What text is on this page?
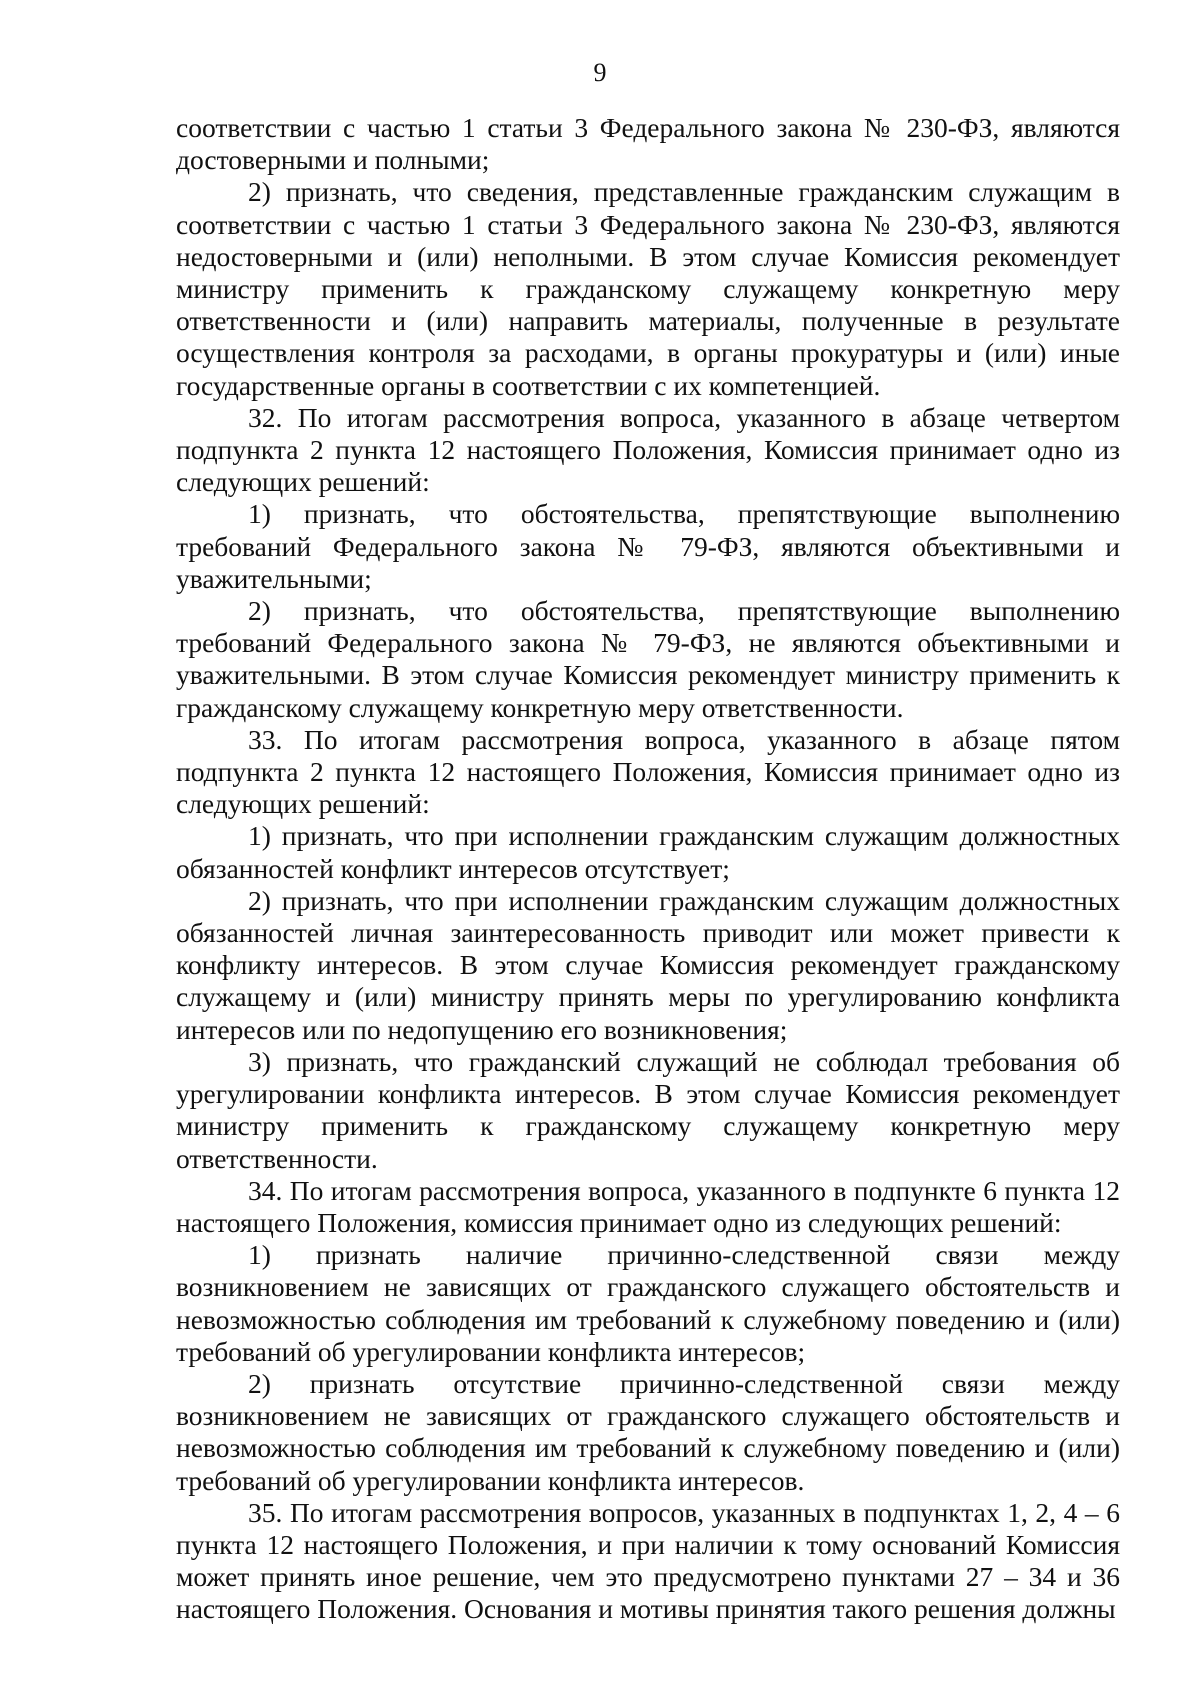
9

соответствии с частью 1 статьи 3 Федерального закона № 230-ФЗ, являются достоверными и полными;

2) признать, что сведения, представленные гражданским служащим в соответствии с частью 1 статьи 3 Федерального закона № 230-ФЗ, являются недостоверными и (или) неполными. В этом случае Комиссия рекомендует министру применить к гражданскому служащему конкретную меру ответственности и (или) направить материалы, полученные в результате осуществления контроля за расходами, в органы прокуратуры и (или) иные государственные органы в соответствии с их компетенцией.

32. По итогам рассмотрения вопроса, указанного в абзаце четвертом подпункта 2 пункта 12 настоящего Положения, Комиссия принимает одно из следующих решений:

1) признать, что обстоятельства, препятствующие выполнению требований Федерального закона № 79-ФЗ, являются объективными и уважительными;

2) признать, что обстоятельства, препятствующие выполнению требований Федерального закона № 79-ФЗ, не являются объективными и уважительными. В этом случае Комиссия рекомендует министру применить к гражданскому служащему конкретную меру ответственности.

33. По итогам рассмотрения вопроса, указанного в абзаце пятом подпункта 2 пункта 12 настоящего Положения, Комиссия принимает одно из следующих решений:

1) признать, что при исполнении гражданским служащим должностных обязанностей конфликт интересов отсутствует;

2) признать, что при исполнении гражданским служащим должностных обязанностей личная заинтересованность приводит или может привести к конфликту интересов. В этом случае Комиссия рекомендует гражданскому служащему и (или) министру принять меры по урегулированию конфликта интересов или по недопущению его возникновения;

3) признать, что гражданский служащий не соблюдал требования об урегулировании конфликта интересов. В этом случае Комиссия рекомендует министру применить к гражданскому служащему конкретную меру ответственности.

34. По итогам рассмотрения вопроса, указанного в подпункте 6 пункта 12 настоящего Положения, комиссия принимает одно из следующих решений:

1) признать наличие причинно-следственной связи между возникновением не зависящих от гражданского служащего обстоятельств и невозможностью соблюдения им требований к служебному поведению и (или) требований об урегулировании конфликта интересов;

2) признать отсутствие причинно-следственной связи между возникновением не зависящих от гражданского служащего обстоятельств и невозможностью соблюдения им требований к служебному поведению и (или) требований об урегулировании конфликта интересов.

35. По итогам рассмотрения вопросов, указанных в подпунктах 1, 2, 4 – 6 пункта 12 настоящего Положения, и при наличии к тому оснований Комиссия может принять иное решение, чем это предусмотрено пунктами 27 – 34 и 36 настоящего Положения. Основания и мотивы принятия такого решения должны
